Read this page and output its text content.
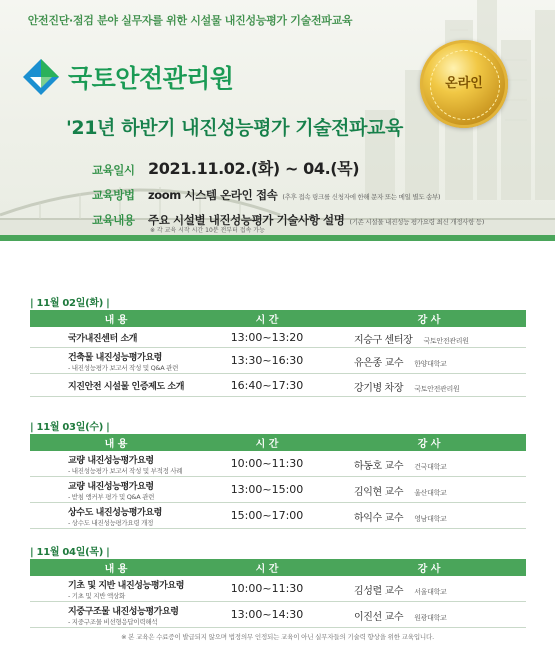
안전진단·점검 분야 실무자를 위한 시설물 내진성능평가 기술전파교육
국토안전관리원	온라인
'21년 하반기 내진성능평가 기술전파교육
교육일시 2021.11.02.(화) ~ 04.(목)
교육방법	zoom 시스템 온라인 접속 (추후 접속 링크를 신청자에 한해 문자 또는 메일 별도 송부)
교육내용	주요 시설별 내진성능평가 기술사항 설명 (기존 시설물 내진성능 평가요령 최신 개정사항 등)
※ 각 교육 시작 시간 10분 전부터 접속 가능
| 11월 02일(화) |
내 용	시 간	강 사
국가내진센터 소개	13:00~13:20	지승구 센터장 국토안전관리원
건축물 내진성능평가요령
- 내진성능평가 보고서 작성 및 Q&A 관련
13:30~16:30	유은종 교수 한양대학교
지진안전 시설물 인증제도 소개	16:40~17:30	강기병 차장 국토안전관리원
| 11월 03일(수) |
내 용	시 간	강 사
교량 내진성능평가요령
- 내진성능평가 보고서 작성 및 부적정 사례
10:00~11:30	하동호 교수 건국대학교
교량 내진성능평가요령
- 받침 앵커부 평가 및 Q&A 관련
13:00~15:00	김익현 교수 울산대학교
상수도 내진성능평가요령
- 상수도 내진성능평가요령 개정
15:00~17:00	하익수 교수 영남대학교
| 11월 04일(목) |
내 용	시 간	강 사
기초 및 지반 내진성능평가요령
- 기초 및 지반 액상화
10:00~11:30	김성렬 교수 서울대학교
지중구조물 내진성능평가요령
- 지중구조물 비선형응답이력해석
13:00~14:30	이진선 교수 원광대학교
※ 본 교육은 수료증이 발급되지 않으며 법정의무 인정되는 교육이 아닌 실무자들의 기술력 향상을 위한 교육입니다.
